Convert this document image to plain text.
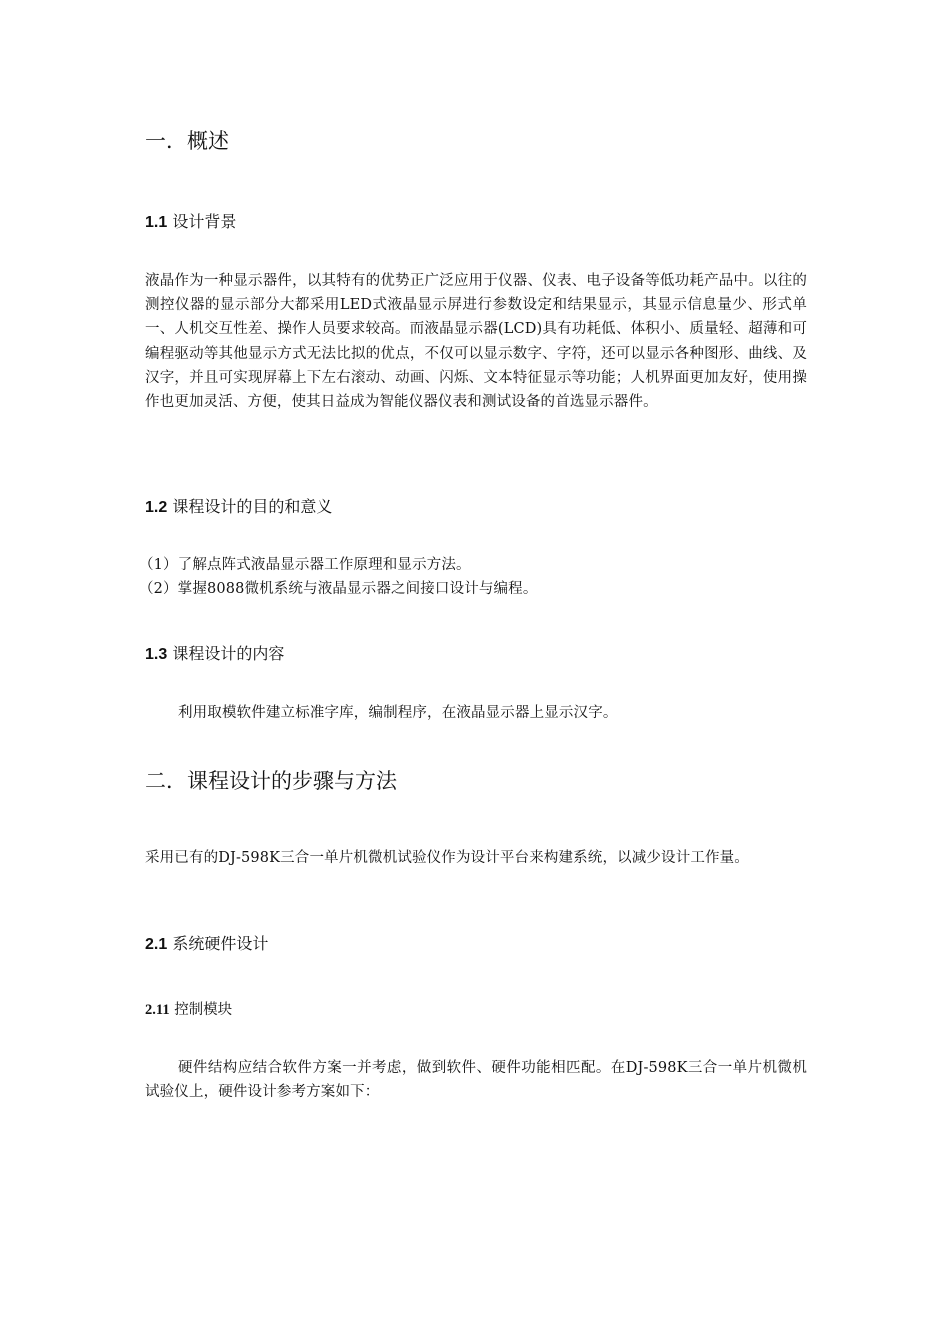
一．概述
1.1 设计背景

液晶作为一种显示器件，以其特有的优势正广泛应用于仪器、仪表、电子设备等低功耗产品中。以往的测控仪器的显示部分大都采用LED式液晶显示屏进行参数设定和结果显示，其显示信息量少、形式单一、人机交互性差、操作人员要求较高。而液晶显示器(LCD)具有功耗低、体积小、质量轻、超薄和可编程驱动等其他显示方式无法比拟的优点，不仅可以显示数字、字符，还可以显示各种图形、曲线、及汉字，并且可实现屏幕上下左右滚动、动画、闪烁、文本特征显示等功能；人机界面更加友好，使用操作也更加灵活、方便，使其日益成为智能仪器仪表和测试设备的首选显示器件。

1.2 课程设计的目的和意义
（1）了解点阵式液晶显示器工作原理和显示方法。
（2）掌握8088微机系统与液晶显示器之间接口设计与编程。
1.3 课程设计的内容

利用取模软件建立标准字库，编制程序，在液晶显示器上显示汉字。

二．课程设计的步骤与方法

采用已有的DJ-598K三合一单片机微机试验仪作为设计平台来构建系统，以减少设计工作量。

2.1 系统硬件设计
2.11 控制模块

硬件结构应结合软件方案一并考虑，做到软件、硬件功能相匹配。在DJ-598K三合一单片机微机试验仪上，硬件设计参考方案如下：
